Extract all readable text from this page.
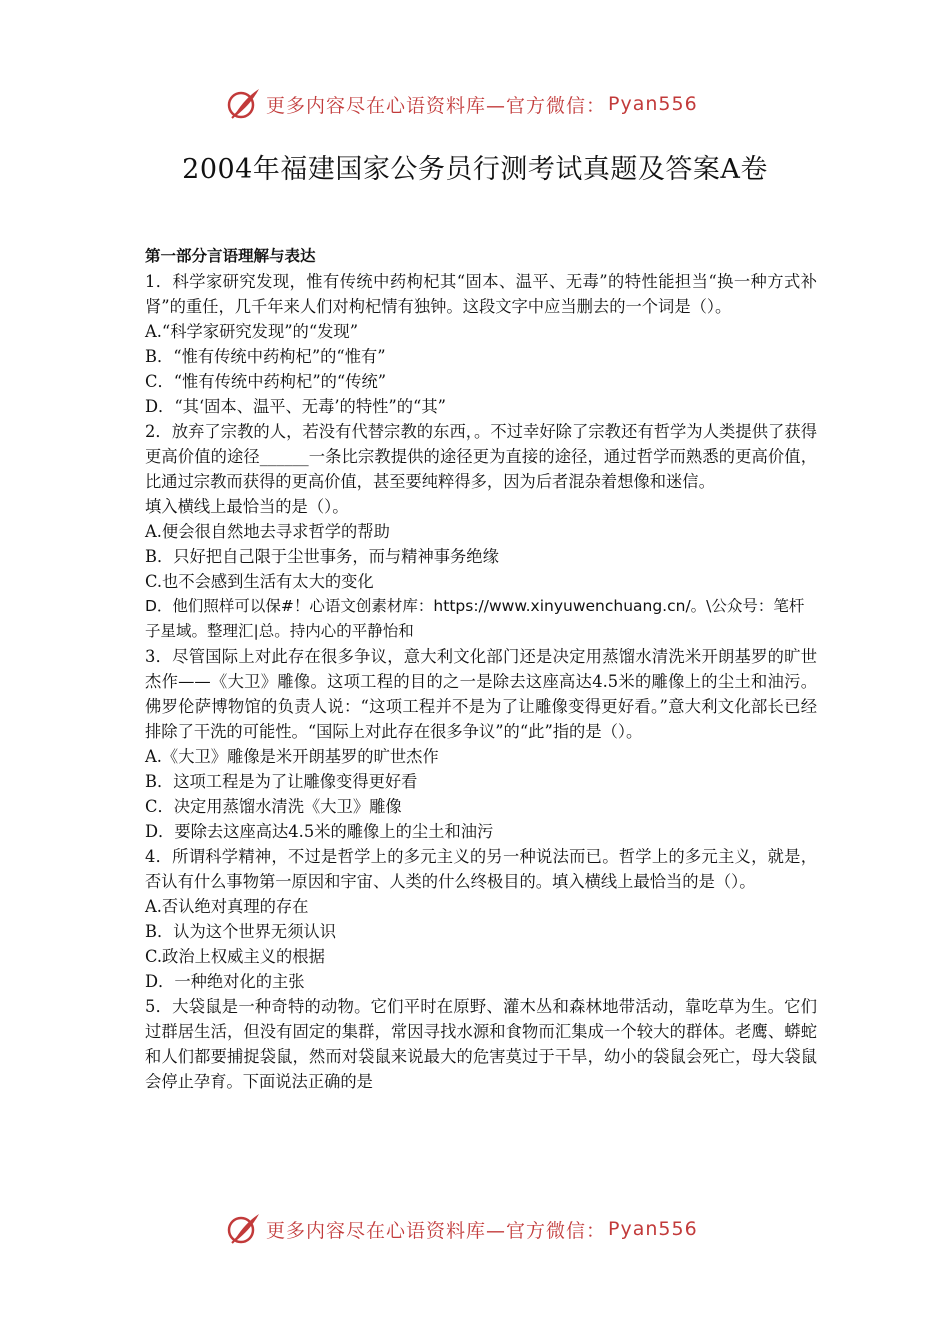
更多内容尽在心语资料库—官方微信： Pyan556
2004年福建国家公务员行测考试真题及答案A卷

第一部分言语理解与表达

1．科学家研究发现，惟有传统中药枸杞其“固本、温平、无毒”的特性能担当“换一种方式补肾”的重任，几千年来人们对枸杞情有独钟。这段文字中应当删去的一个词是（）。

A.“科学家研究发现”的“发现”

B．“惟有传统中药枸杞”的“惟有”

C．“惟有传统中药枸杞”的“传统”

D．“其‘固本、温平、无毒’的特性”的“其”

2．放弃了宗教的人，若没有代替宗教的东西，。不过幸好除了宗教还有哲学为人类提供了获得更高价值的途径______一条比宗教提供的途径更为直接的途径，通过哲学而熟悉的更高价值，比通过宗教而获得的更高价值，甚至要纯粹得多，因为后者混杂着想像和迷信。

填入横线上最恰当的是（）。

A.便会很自然地去寻求哲学的帮助

B．只好把自己限于尘世事务，而与精神事务绝缘

C.也不会感到生活有太大的变化

D．他们照样可以保#！心语文创素材库：https://www.xinyuwenchuang.cn/。\公众号：笔杆子星域。整理汇|总。持内心的平静怡和

3．尽管国际上对此存在很多争议，意大利文化部门还是决定用蒸馏水清洗米开朗基罗的旷世杰作——《大卫》雕像。这项工程的目的之一是除去这座高达4.5米的雕像上的尘土和油污。佛罗伦萨博物馆的负责人说：“这项工程并不是为了让雕像变得更好看。”意大利文化部长已经排除了干洗的可能性。“国际上对此存在很多争议”的“此”指的是（）。

A.《大卫》雕像是米开朗基罗的旷世杰作

B．这项工程是为了让雕像变得更好看

C．决定用蒸馏水清洗《大卫》雕像

D．要除去这座高达4.5米的雕像上的尘土和油污

4．所谓科学精神，不过是哲学上的多元主义的另一种说法而已。哲学上的多元主义，就是，否认有什么事物第一原因和宇宙、人类的什么终极目的。填入横线上最恰当的是（）。

A.否认绝对真理的存在

B．认为这个世界无须认识

C.政治上权威主义的根据

D．一种绝对化的主张

5．大袋鼠是一种奇特的动物。它们平时在原野、灌木丛和森林地带活动，靠吃草为生。它们过群居生活，但没有固定的集群，常因寻找水源和食物而汇集成一个较大的群体。老鹰、蟒蛇和人们都要捕捉袋鼠，然而对袋鼠来说最大的危害莫过于干旱，幼小的袋鼠会死亡，母大袋鼠会停止孕育。下面说法正确的是

更多内容尽在心语资料库—官方微信： Pyan556
